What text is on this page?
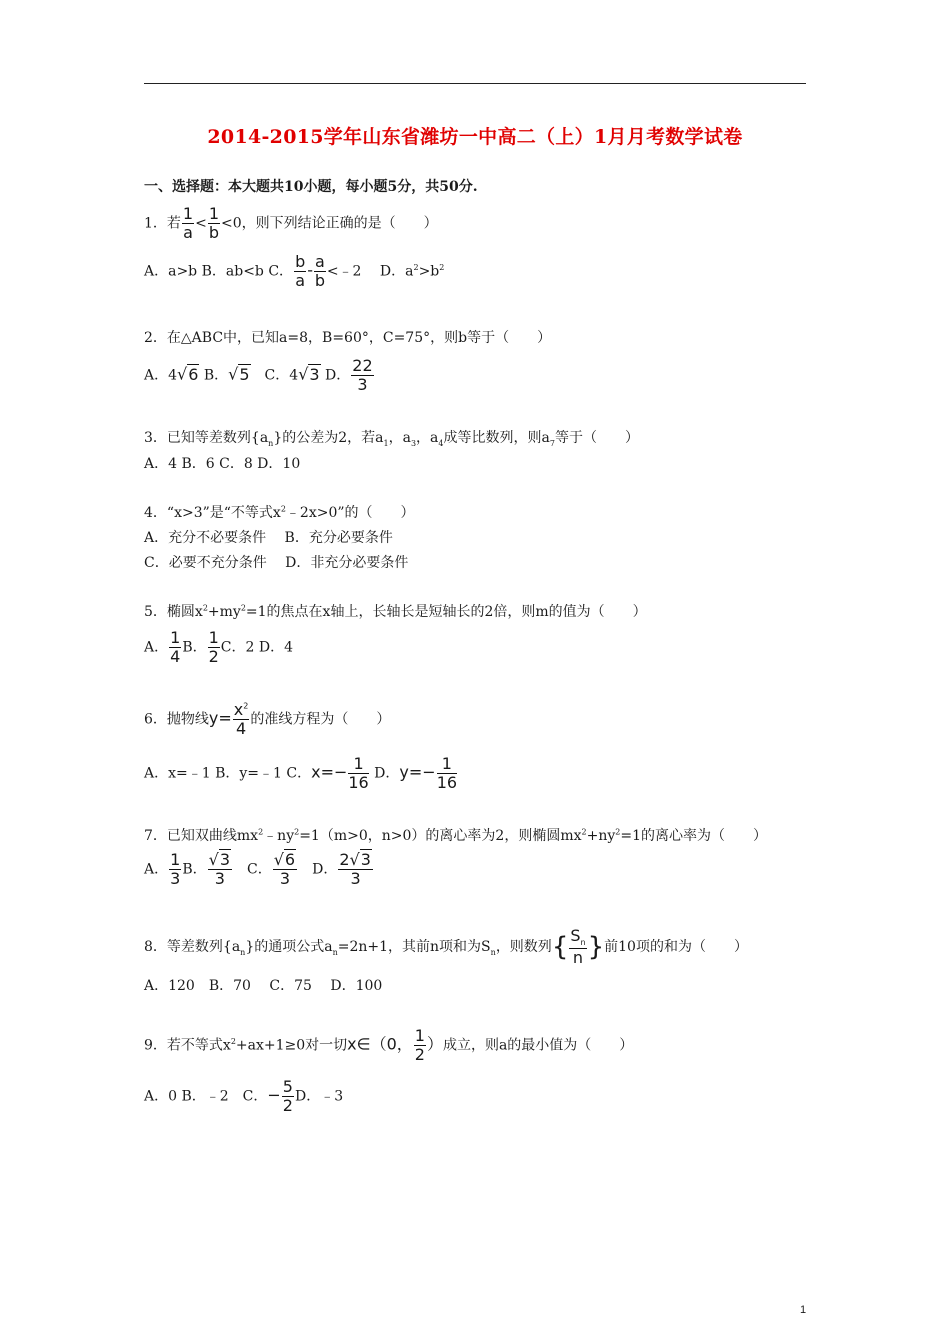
2014-2015学年山东省潍坊一中高二（上）1月月考数学试卷
一、选择题：本大题共10小题，每小题5分，共50分.
1．若 $\frac{1}{a} < \frac{1}{b} <0$，则下列结论正确的是（　　）
A．a>b B．ab<b C． $\frac{b}{a} - \frac{a}{b}$ <﹣2　 D．$a^2>b^2$
2．在△ABC中，已知a=8，B=60°，C=75°，则b等于（　　）
A．4√6 B．√5　C．4√3 D． $\frac{22}{3}$
3．已知等差数列$\{a_n\}$的公差为2，若$a_1$，$a_3$，$a_4$成等比数列，则$a_7$等于（　　）
A．4 B．6 C．8 D．10
4．“x>3”是“不等式$x^2﹣2x>0$”的（　　）
A．充分不必要条件　 B．充分必要条件
C．必要不充分条件　 D．非充分必要条件
5．椭圆$x^2+my^2=1$的焦点在x轴上，长轴长是短轴长的2倍，则m的值为（　　）
A． $\frac{1}{4}$ B． $\frac{1}{2}$ C．2 D．4
6．抛物线$y= \frac{x^2}{4}$ 的准线方程为（　　）
A．x=﹣1 B．y=﹣1 C．$x=- \frac{1}{16}$ D．$y=- \frac{1}{16}$
7．已知双曲线$mx^2﹣ny^2=1(m>0$，n>0）的离心率为2，则椭圆$mx^2+ny^2=1$的离心率为（　　）
A． $\frac{1}{3}$ B． $\frac{√3}{3}$ 　C． $\frac{√6}{3}$ 　D． $\frac{2√3}{3}$
8．等差数列$\{a_n\}$的通项公式$a_n=2n+1$，其前n项和为$S_n$，则数列{ $\frac{S_n}{n}$ }前10项的和为（　　）
A．120　B．70　 C．75　 D．100
9．若不等式$x^2+ax+1\ge 0$对一切x∈（0， $\frac{1}{2}$ ）成立，则a的最小值为（　　）
A．0 B．﹣2　C．− $\frac{5}{2}$ D．﹣3
1
